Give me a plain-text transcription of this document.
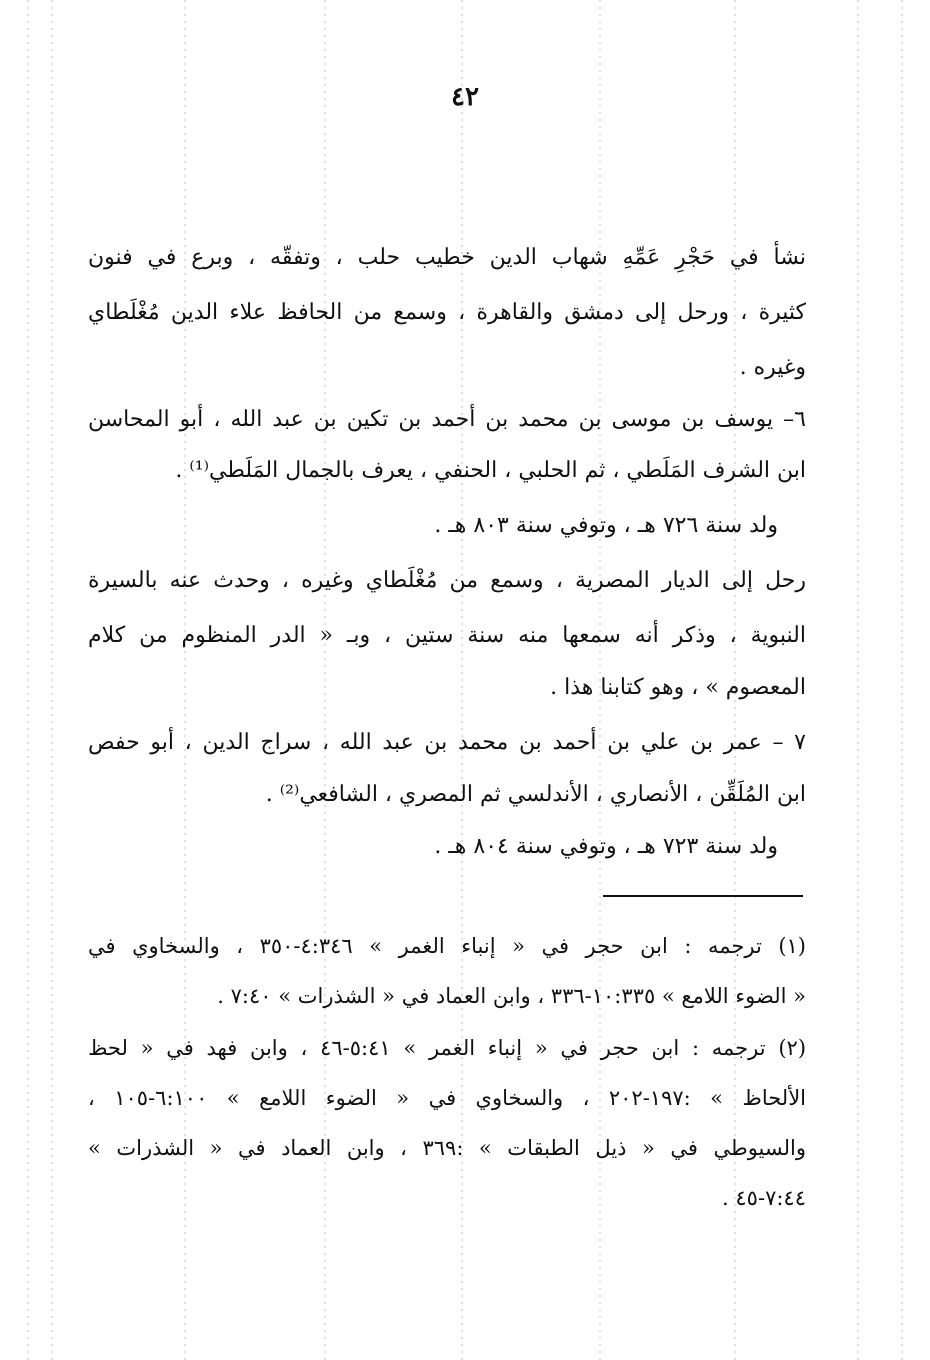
٤٢
نشأ في حَجْرِ عَمِّهِ شهاب الدين خطيب حلب ، وتفقّه ، وبرع في فنون
كثيرة ، ورحل إلى دمشق والقاهرة ، وسمع من الحافظ علاء الدين مُغْلَطاي
وغيره .
٦– يوسف بن موسى بن محمد بن أحمد بن تكين بن عبد الله ، أبو المحاسن
ابن الشرف المَلَطي ، ثم الحلبي ، الحنفي ، يعرف بالجمال المَلَطي⁽¹⁾ .
ولد سنة ٧٢٦ هـ ، وتوفي سنة ٨٠٣ هـ .
رحل إلى الديار المصرية ، وسمع من مُغْلَطاي وغيره ، وحدث عنه بالسيرة
النبوية ، وذكر أنه سمعها منه سنة ستين ، وبـ « الدر المنظوم من كلام
المعصوم » ، وهو كتابنا هذا .
٧ – عمر بن علي بن أحمد بن محمد بن عبد الله ، سراج الدين ، أبو حفص
ابن المُلَقِّن ، الأنصاري ، الأندلسي ثم المصري ، الشافعي⁽²⁾ .
ولد سنة ٧٢٣ هـ ، وتوفي سنة ٨٠٤ هـ .
(١) ترجمه : ابن حجر في « إنباء الغمر » ٤:٣٤٦-٣٥٠ ، والسخاوي في
« الضوء اللامع » ١٠:٣٣٥-٣٣٦ ، وابن العماد في « الشذرات » ٧:٤٠ .
(٢) ترجمه : ابن حجر في « إنباء الغمر » ٥:٤١-٤٦ ، وابن فهد في « لحظ
الألحاظ » :١٩٧-٢٠٢ ، والسخاوي في « الضوء اللامع » ٦:١٠٠-١٠٥ ،
والسيوطي في « ذيل الطبقات » :٣٦٩ ، وابن العماد في « الشذرات »
٧:٤٤-٤٥ .
